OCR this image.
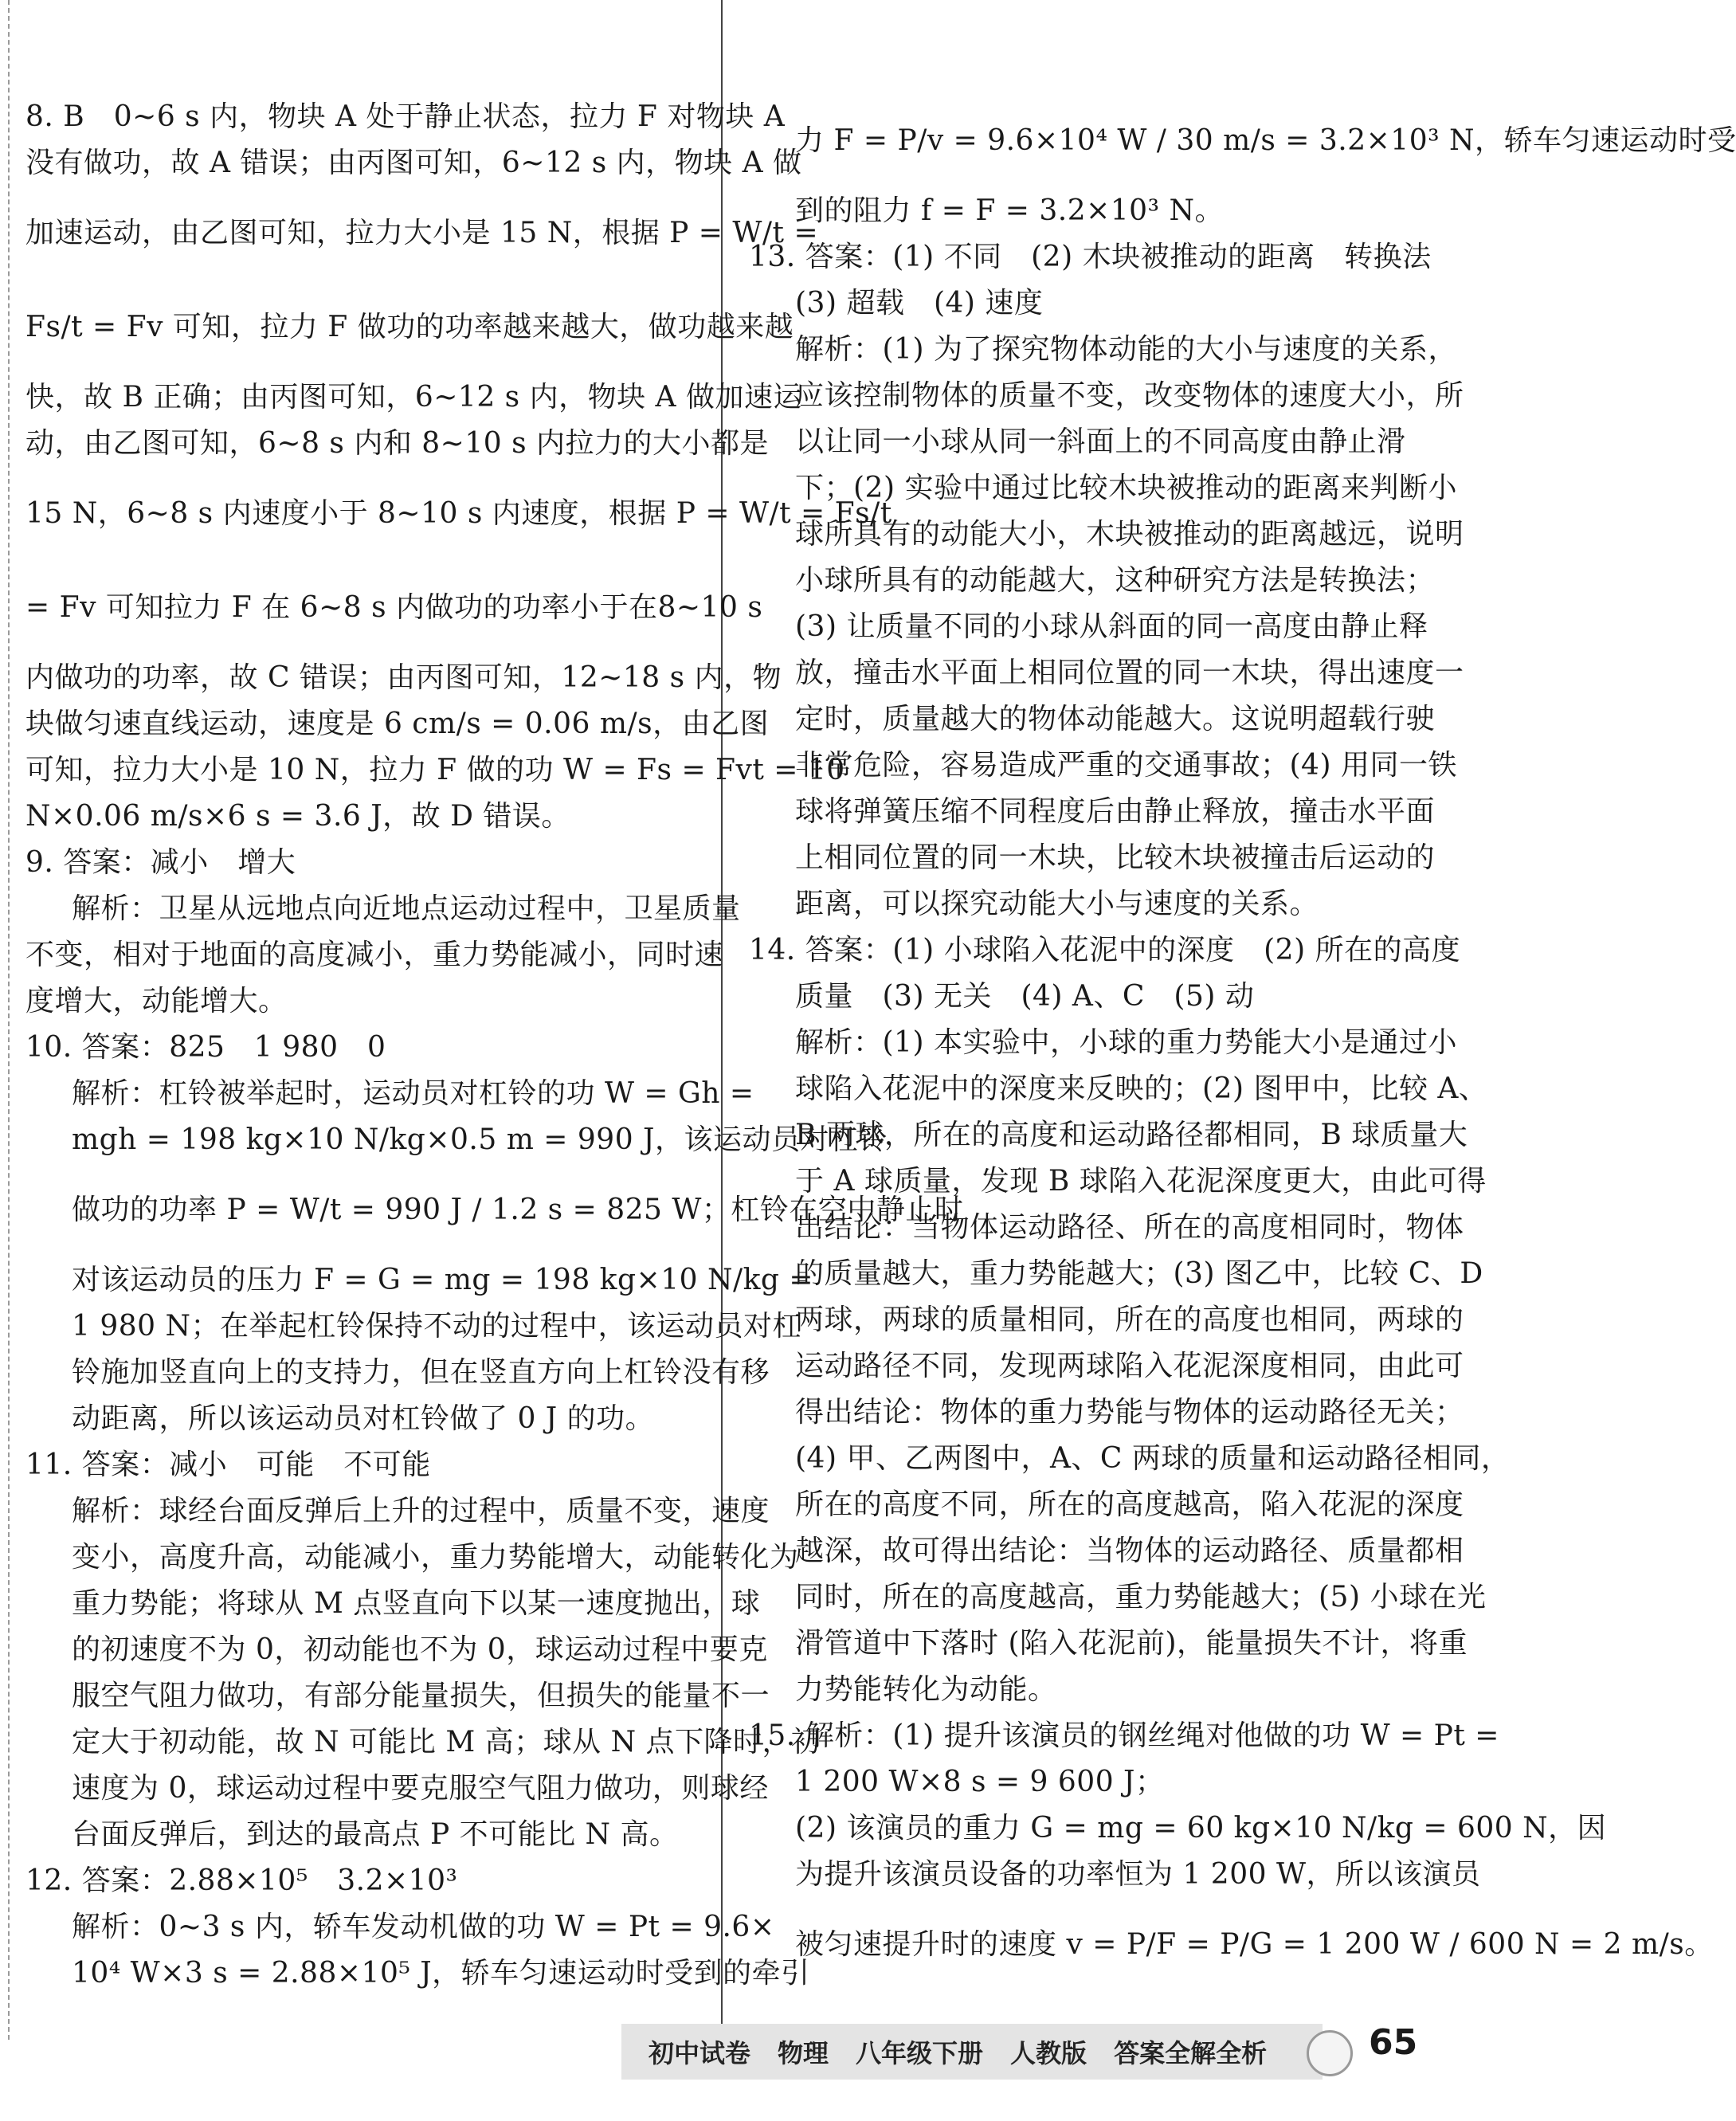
8. B　0~6 s 内，物块 A 处于静止状态，拉力 F 对物块 A
没有做功，故 A 错误；由丙图可知，6~12 s 内，物块 A 做
加速运动，由乙图可知，拉力大小是 15 N，根据 P = W/t =
Fs/t = Fv 可知，拉力 F 做功的功率越来越大，做功越来越
快，故 B 正确；由丙图可知，6~12 s 内，物块 A 做加速运
动，由乙图可知，6~8 s 内和 8~10 s 内拉力的大小都是
15 N，6~8 s 内速度小于 8~10 s 内速度，根据 P = W/t = Fs/t
= Fv 可知拉力 F 在 6~8 s 内做功的功率小于在8~10 s
内做功的功率，故 C 错误；由丙图可知，12~18 s 内，物
块做匀速直线运动，速度是 6 cm/s = 0.06 m/s，由乙图
可知，拉力大小是 10 N，拉力 F 做的功 W = Fs = Fvt = 10
N×0.06 m/s×6 s = 3.6 J，故 D 错误。
9. 答案：减小　增大
解析：卫星从远地点向近地点运动过程中，卫星质量
不变，相对于地面的高度减小，重力势能减小，同时速
度增大，动能增大。
10. 答案：825　1 980　0
解析：杠铃被举起时，运动员对杠铃的功 W = Gh =
mgh = 198 kg×10 N/kg×0.5 m = 990 J，该运动员对杠铃
做功的功率 P = W/t = 990 J / 1.2 s = 825 W；杠铃在空中静止时
对该运动员的压力 F = G = mg = 198 kg×10 N/kg =
1 980 N；在举起杠铃保持不动的过程中，该运动员对杠
铃施加竖直向上的支持力，但在竖直方向上杠铃没有移
动距离，所以该运动员对杠铃做了 0 J 的功。
11. 答案：减小　可能　不可能
解析：球经台面反弹后上升的过程中，质量不变，速度
变小，高度升高，动能减小，重力势能增大，动能转化为
重力势能；将球从 M 点竖直向下以某一速度抛出，球
的初速度不为 0，初动能也不为 0，球运动过程中要克
服空气阻力做功，有部分能量损失，但损失的能量不一
定大于初动能，故 N 可能比 M 高；球从 N 点下降时，初
速度为 0，球运动过程中要克服空气阻力做功，则球经
台面反弹后，到达的最高点 P 不可能比 N 高。
12. 答案：2.88×10⁵　3.2×10³
解析：0~3 s 内，轿车发动机做的功 W = Pt = 9.6×
10⁴ W×3 s = 2.88×10⁵ J，轿车匀速运动时受到的牵引
力 F = P/v = 9.6×10⁴ W / 30 m/s = 3.2×10³ N，轿车匀速运动时受
到的阻力 f = F = 3.2×10³ N。
13. 答案：(1) 不同　(2) 木块被推动的距离　转换法
(3) 超载　(4) 速度
解析：(1) 为了探究物体动能的大小与速度的关系，
应该控制物体的质量不变，改变物体的速度大小，所
以让同一小球从同一斜面上的不同高度由静止滑
下；(2) 实验中通过比较木块被推动的距离来判断小
球所具有的动能大小，木块被推动的距离越远，说明
小球所具有的动能越大，这种研究方法是转换法；
(3) 让质量不同的小球从斜面的同一高度由静止释
放，撞击水平面上相同位置的同一木块，得出速度一
定时，质量越大的物体动能越大。这说明超载行驶
非常危险，容易造成严重的交通事故；(4) 用同一铁
球将弹簧压缩不同程度后由静止释放，撞击水平面
上相同位置的同一木块，比较木块被撞击后运动的
距离，可以探究动能大小与速度的关系。
14. 答案：(1) 小球陷入花泥中的深度　(2) 所在的高度
质量　(3) 无关　(4) A、C　(5) 动
解析：(1) 本实验中，小球的重力势能大小是通过小
球陷入花泥中的深度来反映的；(2) 图甲中，比较 A、
B 两球，所在的高度和运动路径都相同，B 球质量大
于 A 球质量，发现 B 球陷入花泥深度更大，由此可得
出结论：当物体运动路径、所在的高度相同时，物体
的质量越大，重力势能越大；(3) 图乙中，比较 C、D
两球，两球的质量相同，所在的高度也相同，两球的
运动路径不同，发现两球陷入花泥深度相同，由此可
得出结论：物体的重力势能与物体的运动路径无关；
(4) 甲、乙两图中，A、C 两球的质量和运动路径相同，
所在的高度不同，所在的高度越高，陷入花泥的深度
越深，故可得出结论：当物体的运动路径、质量都相
同时，所在的高度越高，重力势能越大；(5) 小球在光
滑管道中下落时 (陷入花泥前)，能量损失不计，将重
力势能转化为动能。
15. 解析：(1) 提升该演员的钢丝绳对他做的功 W = Pt =
1 200 W×8 s = 9 600 J；
(2) 该演员的重力 G = mg = 60 kg×10 N/kg = 600 N，因
为提升该演员设备的功率恒为 1 200 W，所以该演员
被匀速提升时的速度 v = P/F = P/G = 1 200 W / 600 N = 2 m/s。
初中试卷 物理 八年级下册 人教版 答案全解全析	65
